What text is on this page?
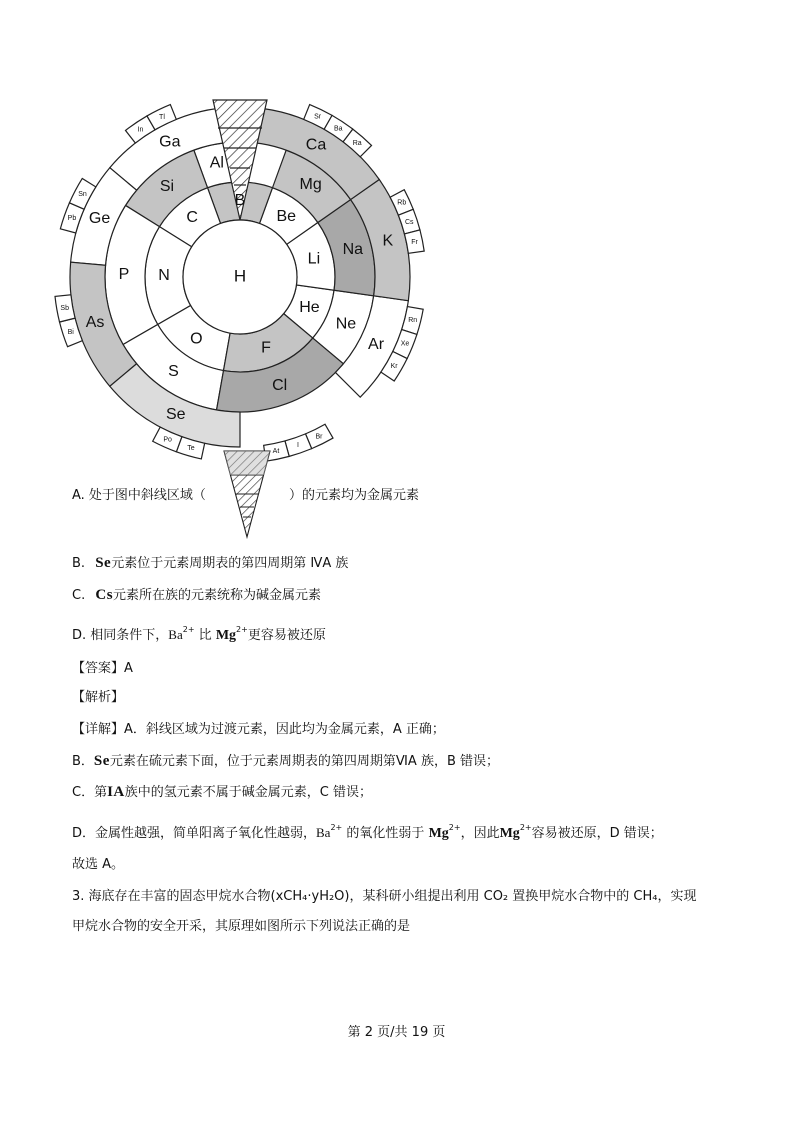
He
Li
Be
B
C
N
O
F
Ne
Na
Mg
Al
Si
P
S
Cl
Ar
K
Ca
Ga
Ge
As
Se
H
In
Tl	Sr
Ba
Ra
Pb
Sn
Rb
Cs
Fr
Bi
Sb
Rn
Xe
Kr
Br
I
At
Te
Po
A. 处于图中斜线区域（	）的元素均为金属元素
B. Se元素位于元素周期表的第四周期第 ⅣA 族
C. Cs元素所在族的元素统称为碱金属元素
D. 相同条件下，$Ba^{2+}$ 比 $Mg^{2+}$更容易被还原
【答案】A
【解析】
【详解】A．斜线区域为过渡元素，因此均为金属元素，A 正确；
B．Se元素在硫元素下面，位于元素周期表的第四周期第ⅥA 族，B 错误；
C．第IA族中的氢元素不属于碱金属元素，C 错误；
D．金属性越强，简单阳离子氧化性越弱，$Ba^{2+}$ 的氧化性弱于 $Mg^{2+}$，因此$Mg^{2+}$容易被还原，D 错误；
故选 A。
3. 海底存在丰富的固态甲烷水合物(xCH₄·yH₂O)，某科研小组提出利用 CO₂ 置换甲烷水合物中的 CH₄，实现
甲烷水合物的安全开采，其原理如图所示下列说法正确的是
第 2 页/共 19 页
